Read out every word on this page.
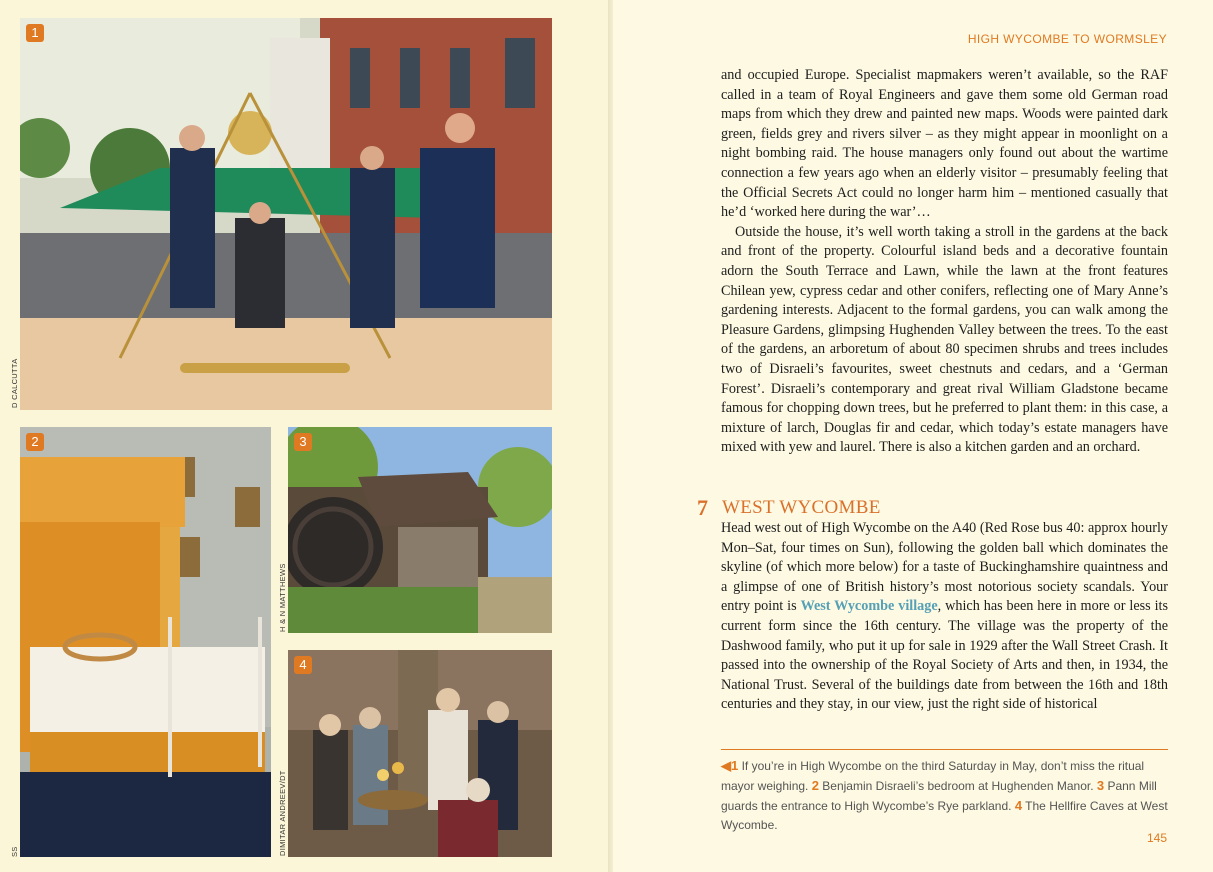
1
2	3
4
D CALCUTTA
H & N MATTHEWS
DIMITAR ANDREEV/DT
SS
HIGH WYCOMBE TO WORMSLEY

and occupied Europe. Specialist mapmakers weren’t available, so the RAF called in a team of Royal Engineers and gave them some old German road maps from which they drew and painted new maps. Woods were painted dark green, fields grey and rivers silver – as they might appear in moonlight on a night bombing raid. The house managers only found out about the wartime connection a few years ago when an elderly visitor – presumably feeling that the Official Secrets Act could no longer harm him – mentioned casually that he’d ‘worked here during the war’…

Outside the house, it’s well worth taking a stroll in the gardens at the back and front of the property. Colourful island beds and a decorative fountain adorn the South Terrace and Lawn, while the lawn at the front features Chilean yew, cypress cedar and other conifers, reflecting one of Mary Anne’s gardening interests. Adjacent to the formal gardens, you can walk among the Pleasure Gardens, glimpsing Hughenden Valley between the trees. To the east of the gardens, an arboretum of about 80 specimen shrubs and trees includes two of Disraeli’s favourites, sweet chestnuts and cedars, and a ‘German Forest’. Disraeli’s contemporary and great rival William Gladstone became famous for chopping down trees, but he preferred to plant them: in this case, a mixture of larch, Douglas fir and cedar, which today’s estate managers have mixed with yew and laurel. There is also a kitchen garden and an orchard.

7 WEST WYCOMBE

Head west out of High Wycombe on the A40 (Red Rose bus 40: approx hourly Mon–Sat, four times on Sun), following the golden ball which dominates the skyline (of which more below) for a taste of Buckinghamshire quaintness and a glimpse of one of British history’s most notorious society scandals. Your entry point is West Wycombe village, which has been here in more or less its current form since the 16th century. The village was the property of the Dashwood family, who put it up for sale in 1929 after the Wall Street Crash. It passed into the ownership of the Royal Society of Arts and then, in 1934, the National Trust. Several of the buildings date from between the 16th and 18th centuries and they stay, in our view, just the right side of historical

◀1 If you’re in High Wycombe on the third Saturday in May, don’t miss the ritual mayor weighing. 2 Benjamin Disraeli’s bedroom at Hughenden Manor. 3 Pann Mill guards the entrance to High Wycombe’s Rye parkland. 4 The Hellfire Caves at West Wycombe.
145
